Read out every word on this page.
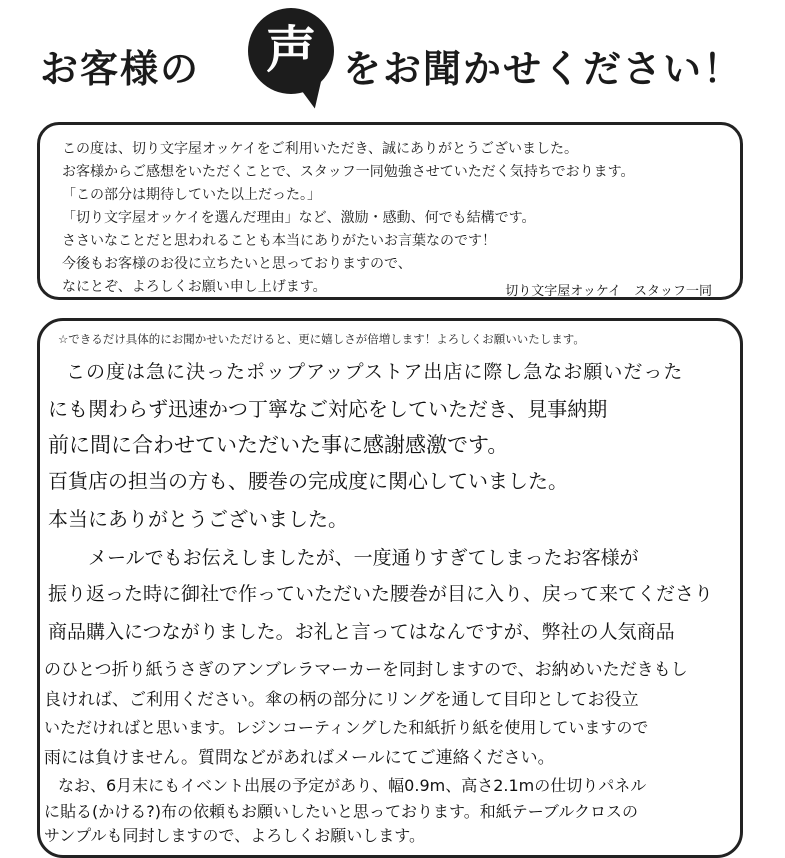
お客様の	声 をお聞かせください！
この度は、切り文字屋オッケイをご利用いただき、誠にありがとうございました。
お客様からご感想をいただくことで、スタッフ一同勉強させていただく気持ちでおります。
「この部分は期待していた以上だった。」
「切り文字屋オッケイを選んだ理由」など、激励・感動、何でも結構です。
ささいなことだと思われることも本当にありがたいお言葉なのです！
今後もお客様のお役に立ちたいと思っておりますので、
なにとぞ、よろしくお願い申し上げます。	切り文字屋オッケイ　スタッフ一同
☆できるだけ具体的にお聞かせいただけると、更に嬉しさが倍増します！よろしくお願いいたします。
この度は急に決ったポップアップストア出店に際し急なお願いだった
にも関わらず迅速かつ丁寧なご対応をしていただき、見事納期
前に間に合わせていただいた事に感謝感激です。
百貨店の担当の方も、腰巻の完成度に関心していました。
本当にありがとうございました。
メールでもお伝えしましたが、一度通りすぎてしまったお客様が
振り返った時に御社で作っていただいた腰巻が目に入り、戻って来てくださり
商品購入につながりました。お礼と言ってはなんですが、弊社の人気商品
のひとつ折り紙うさぎのアンブレラマーカーを同封しますので、お納めいただきもし
良ければ、ご利用ください。傘の柄の部分にリングを通して目印としてお役立
いただければと思います。レジンコーティングした和紙折り紙を使用していますので
雨には負けません。質問などがあればメールにてご連絡ください。
なお、6月末にもイベント出展の予定があり、幅0.9m、高さ2.1mの仕切りパネル
に貼る(かける?)布の依頼もお願いしたいと思っております。和紙テーブルクロスの
サンプルも同封しますので、よろしくお願いします。
